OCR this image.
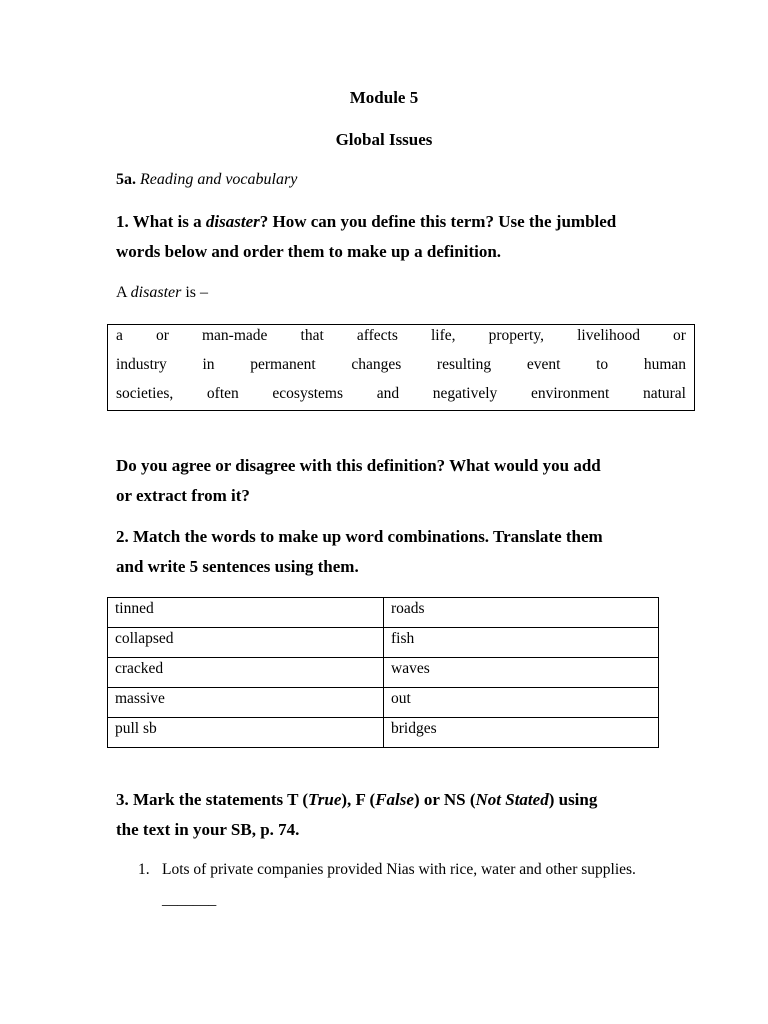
Module 5
Global Issues
5a. Reading and vocabulary
1. What is a disaster? How can you define this term? Use the jumbled
words below and order them to make up a definition.
A disaster is –
a or man-made that affects life, property, livelihood or
industry in permanent changes resulting event to human
societies, often ecosystems and negatively environment natural
Do you agree or disagree with this definition? What would you add
or extract from it?
2. Match the words to make up word combinations. Translate them
and write 5 sentences using them.
tinned	roads
collapsed	fish
cracked	waves
massive	out
pull sb	bridges
3. Mark the statements T (True), F (False) or NS (Not Stated) using
the text in your SB, p. 74.
1. Lots of private companies provided Nias with rice, water and other supplies. _______
